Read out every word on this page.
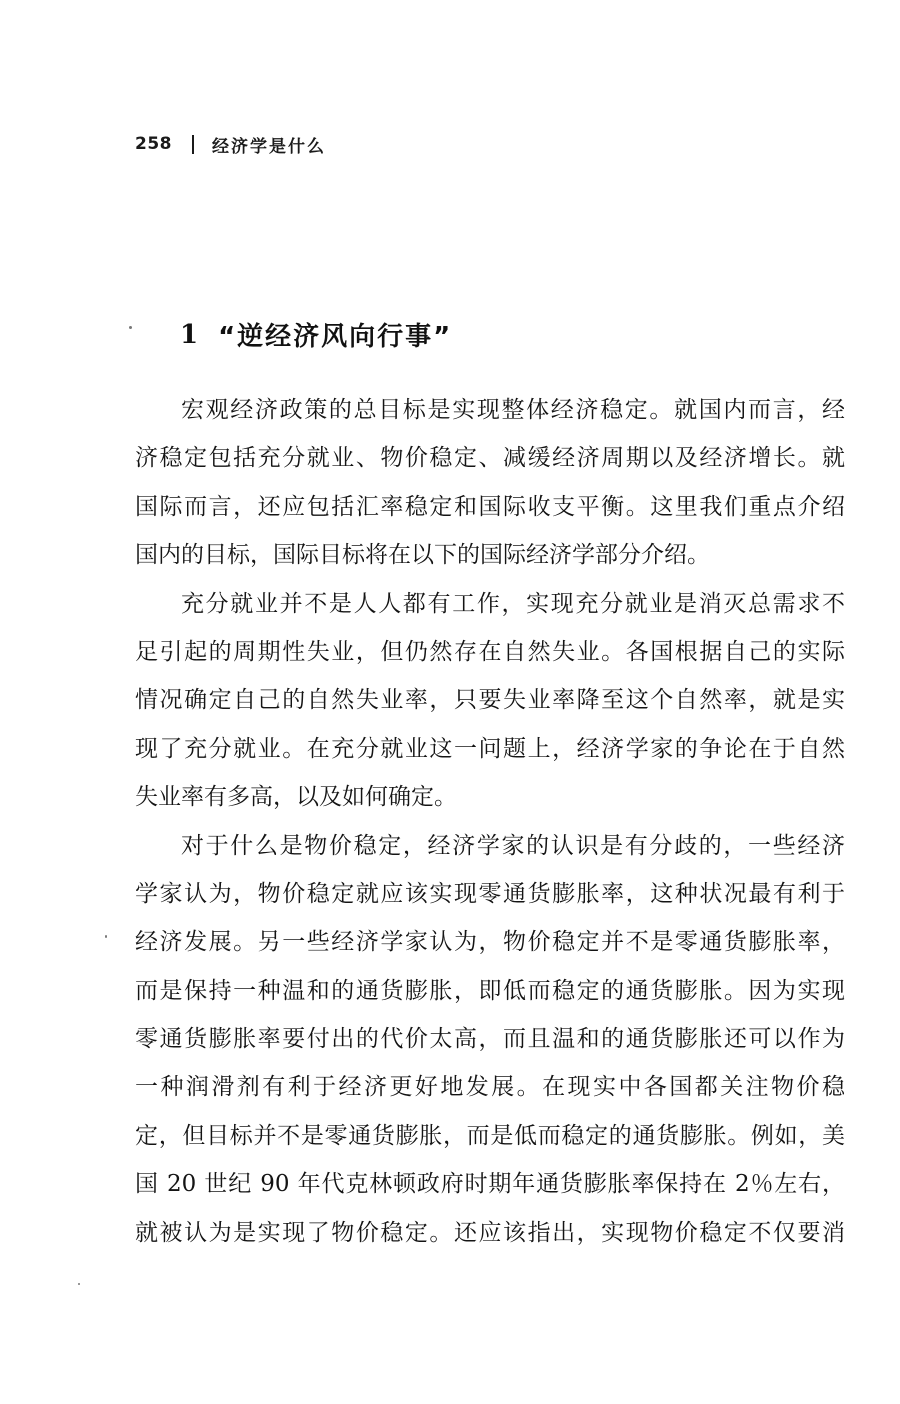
258 经济学是什么
1 “逆经济风向行事”
宏观经济政策的总目标是实现整体经济稳定。就国内而言，经
济稳定包括充分就业、物价稳定、减缓经济周期以及经济增长。就
国际而言，还应包括汇率稳定和国际收支平衡。这里我们重点介绍
国内的目标，国际目标将在以下的国际经济学部分介绍。
充分就业并不是人人都有工作，实现充分就业是消灭总需求不
足引起的周期性失业，但仍然存在自然失业。各国根据自己的实际
情况确定自己的自然失业率，只要失业率降至这个自然率，就是实
现了充分就业。在充分就业这一问题上，经济学家的争论在于自然
失业率有多高，以及如何确定。
对于什么是物价稳定，经济学家的认识是有分歧的，一些经济
学家认为，物价稳定就应该实现零通货膨胀率，这种状况最有利于
经济发展。另一些经济学家认为，物价稳定并不是零通货膨胀率，
而是保持一种温和的通货膨胀，即低而稳定的通货膨胀。因为实现
零通货膨胀率要付出的代价太高，而且温和的通货膨胀还可以作为
一种润滑剂有利于经济更好地发展。在现实中各国都关注物价稳
定，但目标并不是零通货膨胀，而是低而稳定的通货膨胀。例如，美
国 20 世纪 90 年代克林顿政府时期年通货膨胀率保持在 2％左右，
就被认为是实现了物价稳定。还应该指出，实现物价稳定不仅要消
